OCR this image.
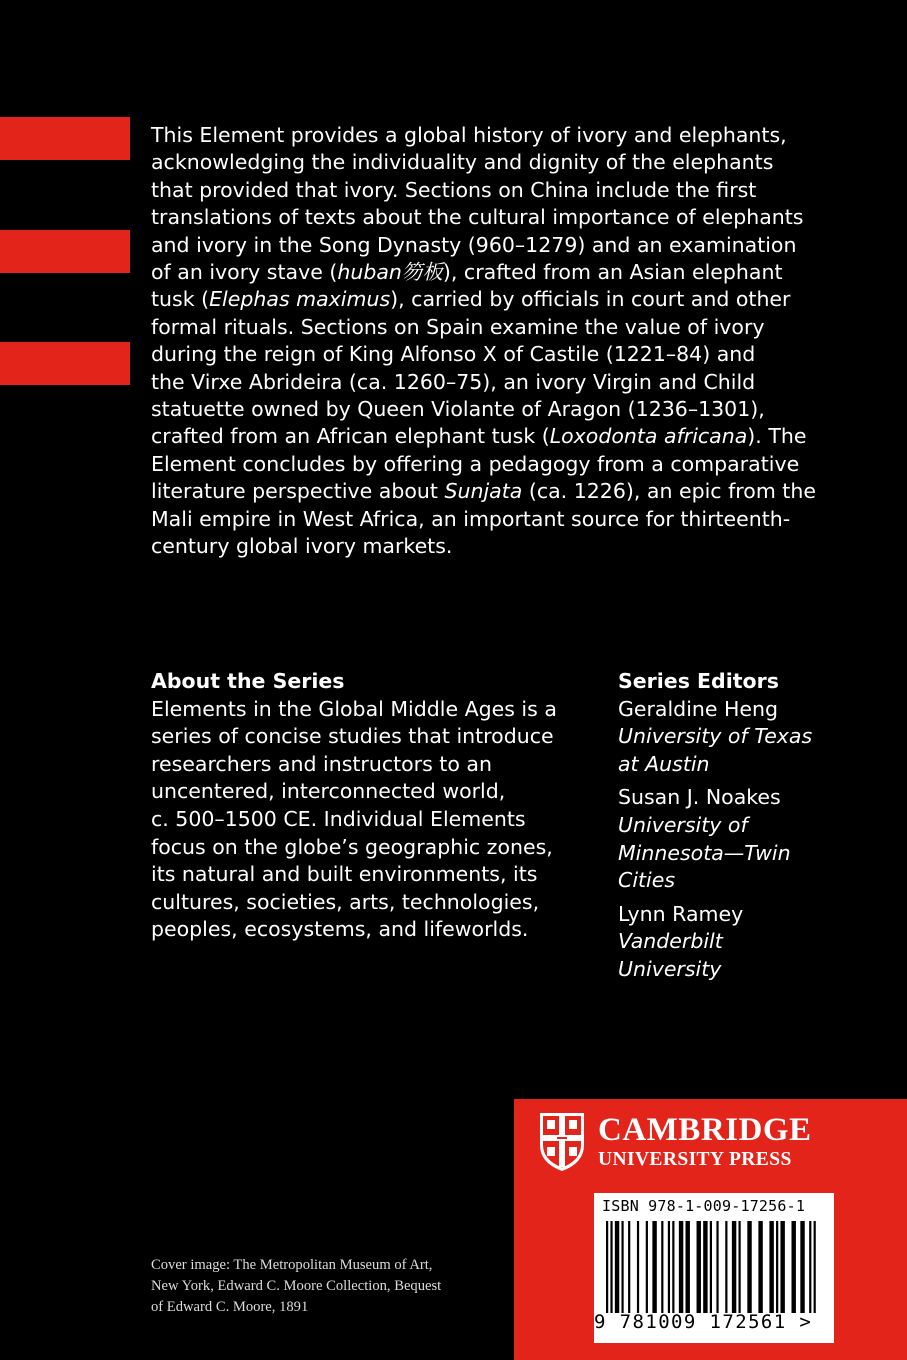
This Element provides a global history of ivory and elephants,
acknowledging the individuality and dignity of the elephants
that provided that ivory. Sections on China include the first
translations of texts about the cultural importance of elephants
and ivory in the Song Dynasty (960–1279) and an examination
of an ivory stave (huban笏板), crafted from an Asian elephant
tusk (Elephas maximus), carried by officials in court and other
formal rituals. Sections on Spain examine the value of ivory
during the reign of King Alfonso X of Castile (1221–84) and
the Virxe Abrideira (ca. 1260–75), an ivory Virgin and Child
statuette owned by Queen Violante of Aragon (1236–1301),
crafted from an African elephant tusk (Loxodonta africana). The
Element concludes by offering a pedagogy from a comparative
literature perspective about Sunjata (ca. 1226), an epic from the
Mali empire in West Africa, an important source for thirteenth-
century global ivory markets.
About the Series
Elements in the Global Middle Ages is a
series of concise studies that introduce
researchers and instructors to an
uncentered, interconnected world,
c. 500–1500 CE. Individual Elements
focus on the globe’s geographic zones,
its natural and built environments, its
cultures, societies, arts, technologies,
peoples, ecosystems, and lifeworlds.
Series Editors
Geraldine Heng
University of Texas
at Austin
Susan J. Noakes
University of
Minnesota—Twin
Cities
Lynn Ramey
Vanderbilt
University
Cover image: The Metropolitan Museum of Art,
New York, Edward C. Moore Collection, Bequest
of Edward C. Moore, 1891
CAMBRIDGE
UNIVERSITY PRESS
ISBN 978-1-009-17256-1
9 781009 172561 >
